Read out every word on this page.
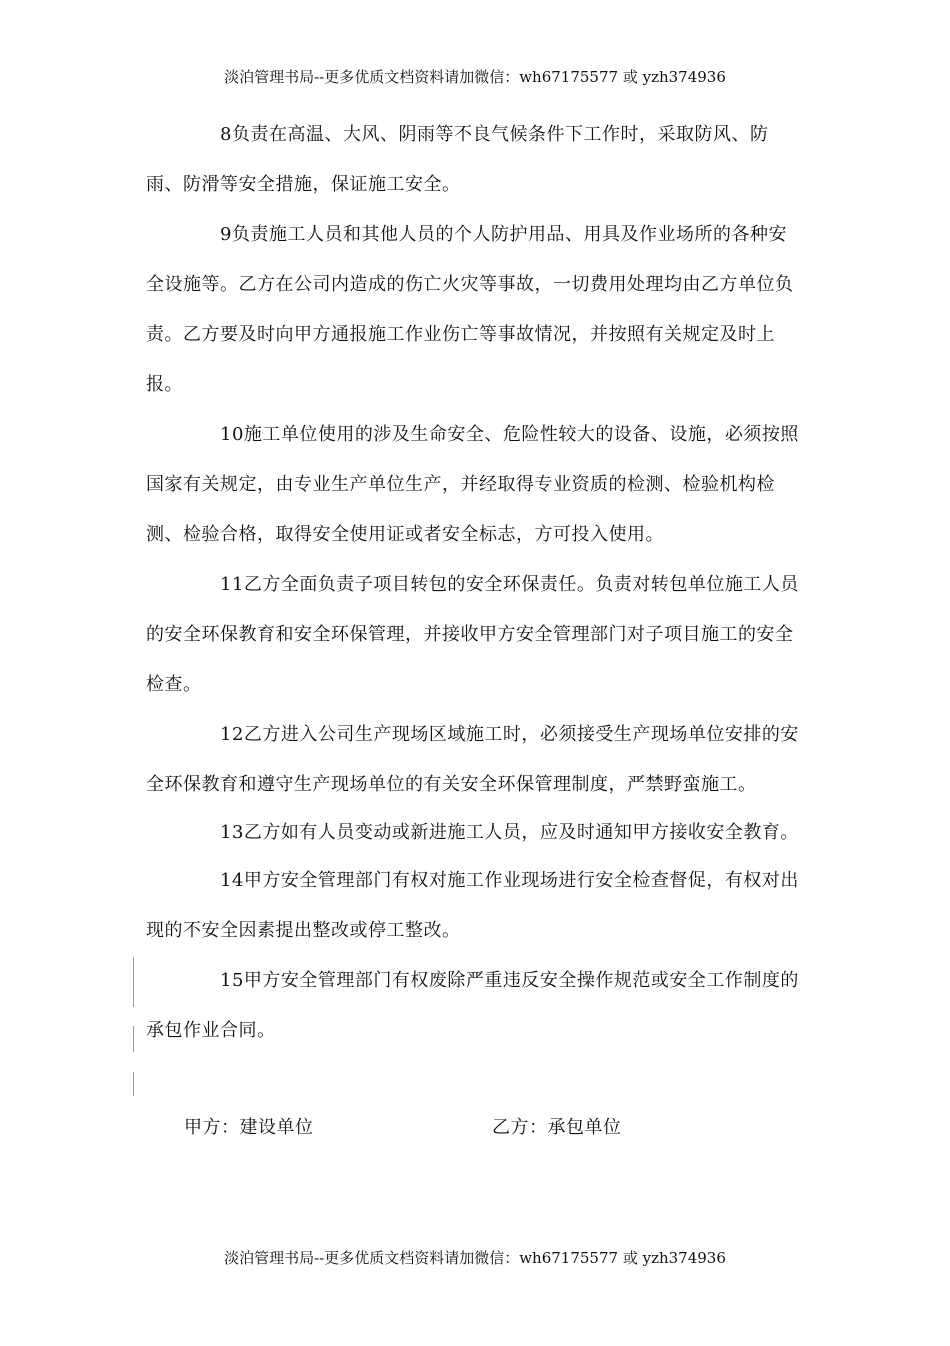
淡泊管理书局--更多优质文档资料请加微信：wh67175577 或 yzh374936

8负责在高温、大风、阴雨等不良气候条件下工作时，采取防风、防雨、防滑等安全措施，保证施工安全。

9负责施工人员和其他人员的个人防护用品、用具及作业场所的各种安全设施等。乙方在公司内造成的伤亡火灾等事故，一切费用处理均由乙方单位负责。乙方要及时向甲方通报施工作业伤亡等事故情况，并按照有关规定及时上报。

10施工单位使用的涉及生命安全、危险性较大的设备、设施，必须按照国家有关规定，由专业生产单位生产，并经取得专业资质的检测、检验机构检测、检验合格，取得安全使用证或者安全标志，方可投入使用。

11乙方全面负责子项目转包的安全环保责任。负责对转包单位施工人员的安全环保教育和安全环保管理，并接收甲方安全管理部门对子项目施工的安全检查。

12乙方进入公司生产现场区域施工时，必须接受生产现场单位安排的安全环保教育和遵守生产现场单位的有关安全环保管理制度，严禁野蛮施工。

13乙方如有人员变动或新进施工人员，应及时通知甲方接收安全教育。

14甲方安全管理部门有权对施工作业现场进行安全检查督促，有权对出现的不安全因素提出整改或停工整改。

15甲方安全管理部门有权废除严重违反安全操作规范或安全工作制度的承包作业合同。

甲方：建设单位	乙方：承包单位
淡泊管理书局--更多优质文档资料请加微信：wh67175577 或 yzh374936
